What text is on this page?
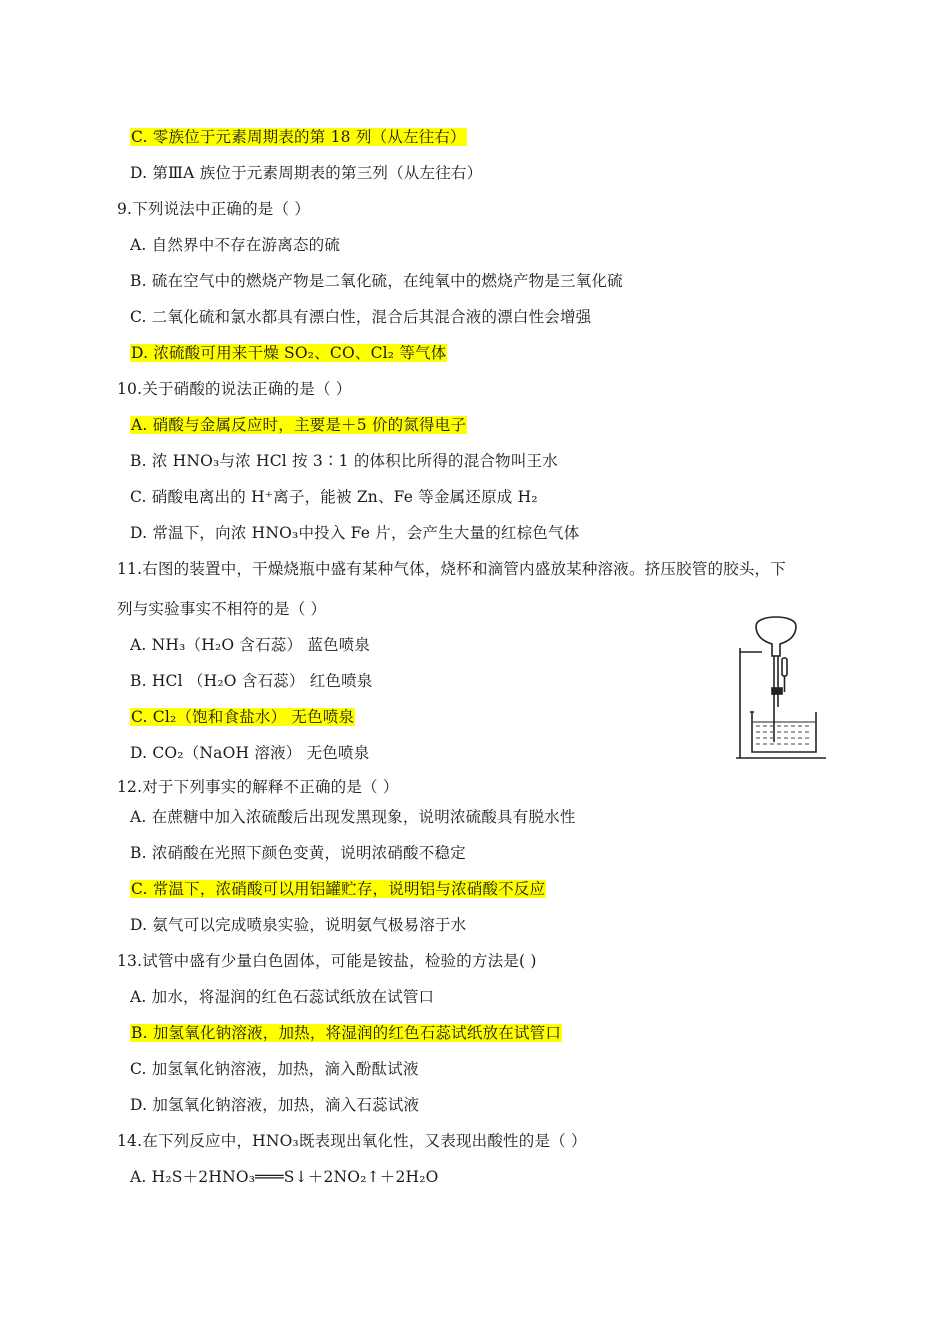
C. 零族位于元素周期表的第 18 列（从左往右）
D. 第ⅢA 族位于元素周期表的第三列（从左往右）
9.下列说法中正确的是（ ）
A. 自然界中不存在游离态的硫
B. 硫在空气中的燃烧产物是二氧化硫，在纯氧中的燃烧产物是三氧化硫
C. 二氧化硫和氯水都具有漂白性，混合后其混合液的漂白性会增强
D. 浓硫酸可用来干燥 SO₂、CO、Cl₂ 等气体
10.关于硝酸的说法正确的是（ ）
A. 硝酸与金属反应时，主要是＋5 价的氮得电子
B. 浓 HNO₃与浓 HCl 按 3∶1 的体积比所得的混合物叫王水
C. 硝酸电离出的 H⁺离子，能被 Zn、Fe 等金属还原成 H₂
D. 常温下，向浓 HNO₃中投入 Fe 片，会产生大量的红棕色气体
11.右图的装置中，干燥烧瓶中盛有某种气体，烧杯和滴管内盛放某种溶液。挤压胶管的胶头，下
列与实验事实不相符的是（ ）
A. NH₃（H₂O 含石蕊） 蓝色喷泉
B. HCl （H₂O 含石蕊） 红色喷泉
C. Cl₂（饱和食盐水） 无色喷泉
D. CO₂（NaOH 溶液） 无色喷泉
12.对于下列事实的解释不正确的是（ ）
A. 在蔗糖中加入浓硫酸后出现发黑现象，说明浓硫酸具有脱水性
B. 浓硝酸在光照下颜色变黄，说明浓硝酸不稳定
C. 常温下，浓硝酸可以用铝罐贮存，说明铝与浓硝酸不反应
D. 氨气可以完成喷泉实验，说明氨气极易溶于水
13.试管中盛有少量白色固体，可能是铵盐，检验的方法是( )
A. 加水，将湿润的红色石蕊试纸放在试管口
B. 加氢氧化钠溶液，加热，将湿润的红色石蕊试纸放在试管口
C. 加氢氧化钠溶液，加热，滴入酚酞试液
D. 加氢氧化钠溶液，加热，滴入石蕊试液
14.在下列反应中，HNO₃既表现出氧化性，又表现出酸性的是（ ）
A. H₂S＋2HNO₃═══S↓＋2NO₂↑＋2H₂O
